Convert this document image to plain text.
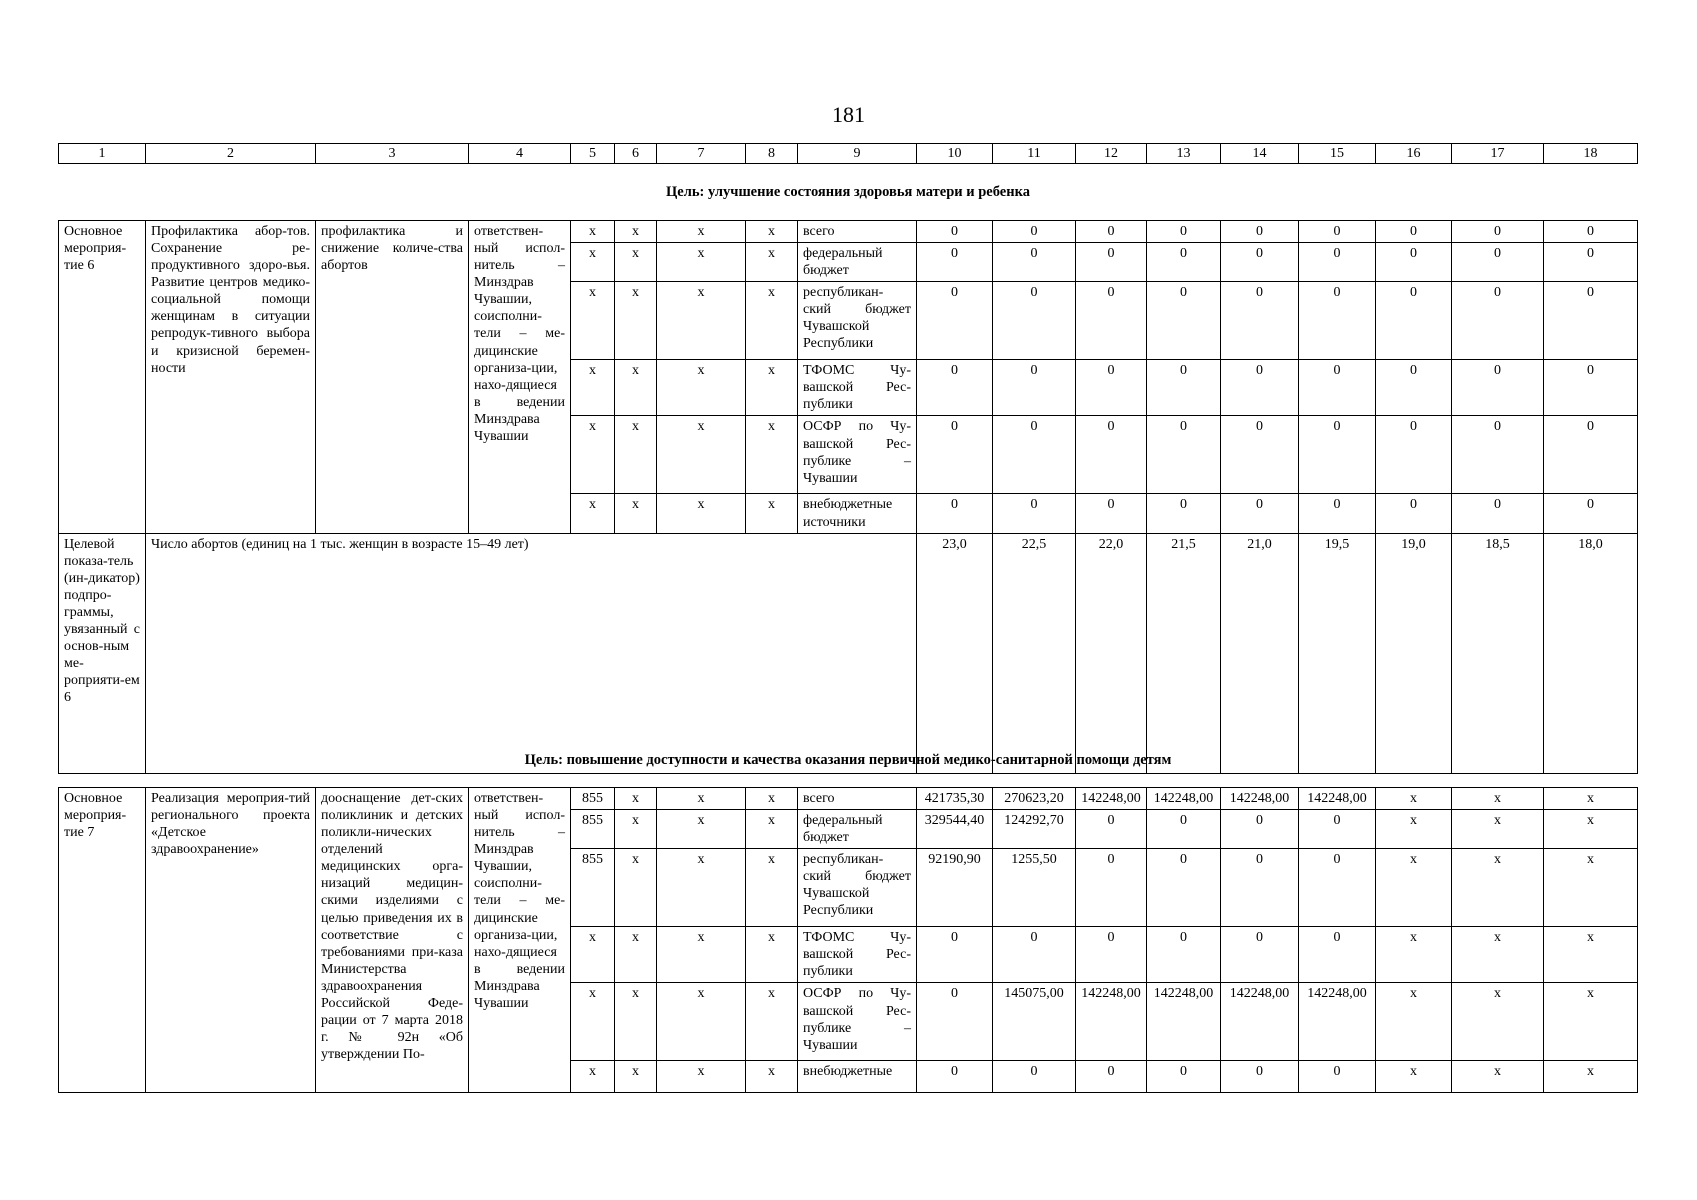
181
1	2	3	4	5	6	7	8	9	10	11	12	13	14	15	16	17	18
Цель: улучшение состояния здоровья матери и ребенка
Основное мероприя-тие 6	Профилактика абор-тов. Сохранение ре-продуктивного здоро-вья. Развитие центров медико-социальной помощи женщинам в ситуации репродук-тивного выбора и кризисной беремен-ности	профилактика и снижение количе-ства абортов	ответствен-ный испол-нитель – Минздрав Чувашии, соисполни-тели – ме-дицинские организа-ции, нахо-дящиеся в ведении Минздрава Чувашии	х	х	х	х	всего	0	0	0	0	0	0	0	0	0
				х	х	х	х	федеральный бюджет	0	0	0	0	0	0	0	0	0
				х	х	х	х	республикан-ский бюджет Чувашской Республики	0	0	0	0	0	0	0	0	0
				х	х	х	х	ТФОМС Чу-вашской Рес-публики	0	0	0	0	0	0	0	0	0
				х	х	х	х	ОСФР по Чу-вашской Рес-публике – Чувашии	0	0	0	0	0	0	0	0	0
				х	х	х	х	внебюджетные источники	0	0	0	0	0	0	0	0	0
Целевой показа-тель (ин-дикатор) подпро-граммы, увязанный с основ-ным ме-роприяти-ем 6	Число абортов (единиц на 1 тыс. женщин в возрасте 15–49 лет)								23,0	22,5	22,0	21,5	21,0	19,5	19,0	18,5	18,0
Цель: повышение доступности и качества оказания первичной медико-санитарной помощи детям
Основное мероприя-тие 7	Реализация мероприя-тий регионального проекта «Детское здравоохранение»	дооснащение дет-ских поликлиник и детских поликли-нических отделений медицинских орга-низаций медицин-скими изделиями с целью приведения их в соответствие с требованиями при-каза Министерства здравоохранения Российской Феде-рации от 7 марта 2018 г. № 92н «Об утверждении По-	ответствен-ный испол-нитель – Минздрав Чувашии, соисполни-тели – ме-дицинские организа-ции, нахо-дящиеся в ведении Минздрава Чувашии	855	х	х	х	всего	421735,30	270623,20	142248,00	142248,00	142248,00	142248,00	х	х	х
				855	х	х	х	федеральный бюджет	329544,40	124292,70	0	0	0	0	х	х	х
				855	х	х	х	республикан-ский бюджет Чувашской Республики	92190,90	1255,50	0	0	0	0	х	х	х
				х	х	х	х	ТФОМС Чу-вашской Рес-публики	0	0	0	0	0	0	х	х	х
				х	х	х	х	ОСФР по Чу-вашской Рес-публике – Чувашии	0	145075,00	142248,00	142248,00	142248,00	142248,00	х	х	х
				х	х	х	х	внебюджетные	0	0	0	0	0	0	х	х	х
